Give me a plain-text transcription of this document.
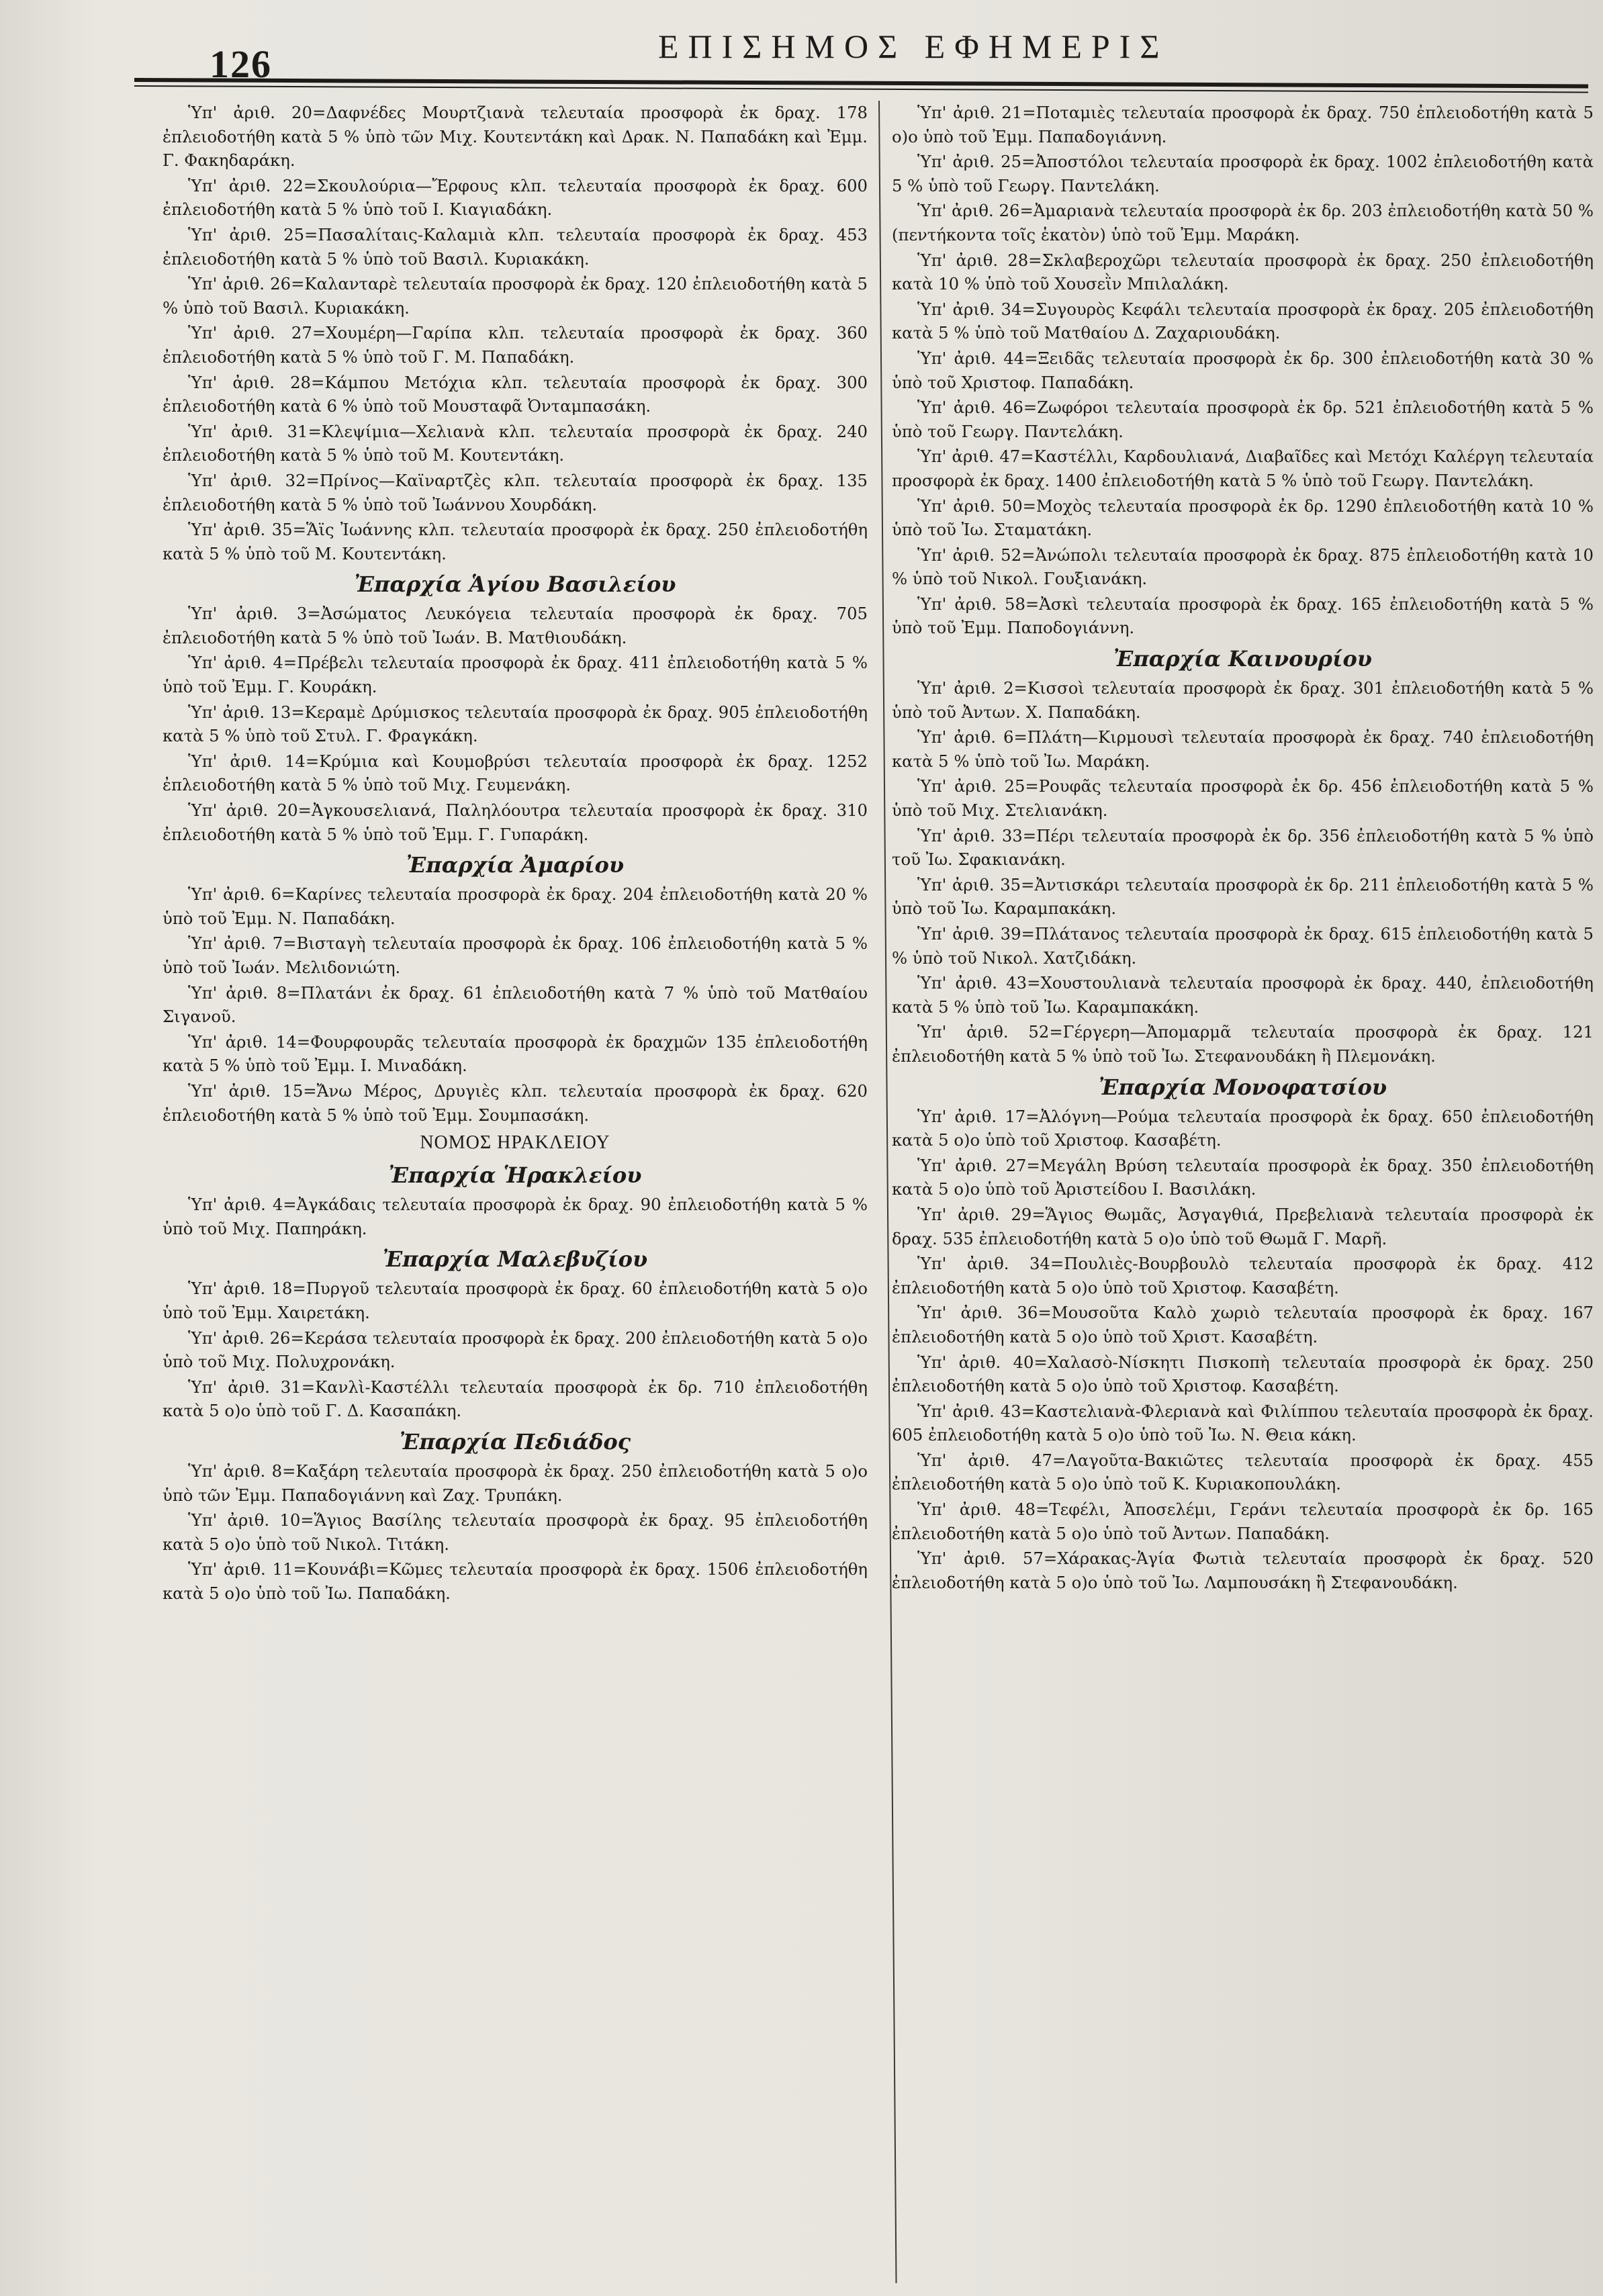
126	ΕΠΙΣΗΜΟΣ ΕΦΗΜΕΡΙΣ

Ὑπ' ἀριθ. 20=Δαφνέδες Μουρτζιανὰ τελευταία προσφορὰ ἐκ δραχ. 178 ἐπλειοδοτήθη κατὰ 5 % ὑπὸ τῶν Μιχ. Κουτεντάκη καὶ Δρακ. Ν. Παπαδάκη καὶ Ἐμμ. Γ. Φακηδαράκη.

Ὑπ' ἀριθ. 22=Σκουλούρια—Ἔρφους κλπ. τελευταία προσφορὰ ἐκ δραχ. 600 ἐπλειοδοτήθη κατὰ 5 % ὑπὸ τοῦ Ι. Κιαγιαδάκη.

Ὑπ' ἀριθ. 25=Πασαλίταις-Καλαμιὰ κλπ. τελευταία προσφορὰ ἐκ δραχ. 453 ἐπλειοδοτήθη κατὰ 5 % ὑπὸ τοῦ Βασιλ. Κυριακάκη.

Ὑπ' ἀριθ. 26=Καλανταρὲ τελευταία προσφορὰ ἐκ δραχ. 120 ἐπλειοδοτήθη κατὰ 5 % ὑπὸ τοῦ Βασιλ. Κυριακάκη.

Ὑπ' ἀριθ. 27=Χουμέρη—Γαρίπα κλπ. τελευταία προσφορὰ ἐκ δραχ. 360 ἐπλειοδοτήθη κατὰ 5 % ὑπὸ τοῦ Γ. Μ. Παπαδάκη.

Ὑπ' ἀριθ. 28=Κάμπου Μετόχια κλπ. τελευταία προσφορὰ ἐκ δραχ. 300 ἐπλειοδοτήθη κατὰ 6 % ὑπὸ τοῦ Μουσταφᾶ Ὀνταμπασάκη.

Ὑπ' ἀριθ. 31=Κλεψίμια—Χελιανὰ κλπ. τελευταία προσφορὰ ἐκ δραχ. 240 ἐπλειοδοτήθη κατὰ 5 % ὑπὸ τοῦ Μ. Κουτεντάκη.

Ὑπ' ἀριθ. 32=Πρίνος—Καϊναρτζὲς κλπ. τελευταία προσφορὰ ἐκ δραχ. 135 ἐπλειοδοτήθη κατὰ 5 % ὑπὸ τοῦ Ἰωάννου Χουρδάκη.

Ὑπ' ἀριθ. 35=Ἅϊς Ἰωάννης κλπ. τελευταία προσφορὰ ἐκ δραχ. 250 ἐπλειοδοτήθη κατὰ 5 % ὑπὸ τοῦ Μ. Κουτεντάκη.

Ἐπαρχία Ἁγίου Βασιλείου

Ὑπ' ἀριθ. 3=Ἀσώματος Λευκόγεια τελευταία προσφορὰ ἐκ δραχ. 705 ἐπλειοδοτήθη κατὰ 5 % ὑπὸ τοῦ Ἰωάν. Β. Ματθιουδάκη.

Ὑπ' ἀριθ. 4=Πρέβελι τελευταία προσφορὰ ἐκ δραχ. 411 ἐπλειοδοτήθη κατὰ 5 % ὑπὸ τοῦ Ἐμμ. Γ. Κουράκη.

Ὑπ' ἀριθ. 13=Κεραμὲ Δρύμισκος τελευταία προσφορὰ ἐκ δραχ. 905 ἐπλειοδοτήθη κατὰ 5 % ὑπὸ τοῦ Στυλ. Γ. Φραγκάκη.

Ὑπ' ἀριθ. 14=Κρύμια καὶ Κουμοβρύσι τελευταία προσφορὰ ἐκ δραχ. 1252 ἐπλειοδοτήθη κατὰ 5 % ὑπὸ τοῦ Μιχ. Γευμενάκη.

Ὑπ' ἀριθ. 20=Ἀγκουσελιανά, Παληλόουτρα τελευταία προσφορὰ ἐκ δραχ. 310 ἐπλειοδοτήθη κατὰ 5 % ὑπὸ τοῦ Ἐμμ. Γ. Γυπαράκη.

Ἐπαρχία Ἀμαρίου

Ὑπ' ἀριθ. 6=Καρίνες τελευταία προσφορὰ ἐκ δραχ. 204 ἐπλειοδοτήθη κατὰ 20 % ὑπὸ τοῦ Ἐμμ. Ν. Παπαδάκη.

Ὑπ' ἀριθ. 7=Βισταγὴ τελευταία προσφορὰ ἐκ δραχ. 106 ἐπλειοδοτήθη κατὰ 5 % ὑπὸ τοῦ Ἰωάν. Μελιδονιώτη.

Ὑπ' ἀριθ. 8=Πλατάνι ἐκ δραχ. 61 ἐπλειοδοτήθη κατὰ 7 % ὑπὸ τοῦ Ματθαίου Σιγανοῦ.

Ὑπ' ἀριθ. 14=Φουρφουρᾶς τελευταία προσφορὰ ἐκ δραχμῶν 135 ἐπλειοδοτήθη κατὰ 5 % ὑπὸ τοῦ Ἐμμ. Ι. Μιναδάκη.

Ὑπ' ἀριθ. 15=Ἄνω Μέρος, Δρυγιὲς κλπ. τελευταία προσφορὰ ἐκ δραχ. 620 ἐπλειοδοτήθη κατὰ 5 % ὑπὸ τοῦ Ἐμμ. Σουμπασάκη.

ΝΟΜΟΣ ΗΡΑΚΛΕΙΟΥ
Ἐπαρχία Ἡρακλείου

Ὑπ' ἀριθ. 4=Ἀγκάδαις τελευταία προσφορὰ ἐκ δραχ. 90 ἐπλειοδοτήθη κατὰ 5 % ὑπὸ τοῦ Μιχ. Παπηράκη.

Ἐπαρχία Μαλεβυζίου

Ὑπ' ἀριθ. 18=Πυργοῦ τελευταία προσφορὰ ἐκ δραχ. 60 ἐπλειοδοτήθη κατὰ 5 ο)ο ὑπὸ τοῦ Ἐμμ. Χαιρετάκη.

Ὑπ' ἀριθ. 26=Κεράσα τελευταία προσφορὰ ἐκ δραχ. 200 ἐπλειοδοτήθη κατὰ 5 ο)ο ὑπὸ τοῦ Μιχ. Πολυχρονάκη.

Ὑπ' ἀριθ. 31=Κανλὶ-Καστέλλι τελευταία προσφορὰ ἐκ δρ. 710 ἐπλειοδοτήθη κατὰ 5 ο)ο ὑπὸ τοῦ Γ. Δ. Κασαπάκη.

Ἐπαρχία Πεδιάδος

Ὑπ' ἀριθ. 8=Καξάρη τελευταία προσφορὰ ἐκ δραχ. 250 ἐπλειοδοτήθη κατὰ 5 ο)ο ὑπὸ τῶν Ἐμμ. Παπαδογιάννη καὶ Ζαχ. Τρυπάκη.

Ὑπ' ἀριθ. 10=Ἅγιος Βασίλης τελευταία προσφορὰ ἐκ δραχ. 95 ἐπλειοδοτήθη κατὰ 5 ο)ο ὑπὸ τοῦ Νικολ. Τιτάκη.

Ὑπ' ἀριθ. 11=Κουνάβι=Κῶμες τελευταία προσφορὰ ἐκ δραχ. 1506 ἐπλειοδοτήθη κατὰ 5 ο)ο ὑπὸ τοῦ Ἰω. Παπαδάκη.

Ὑπ' ἀριθ. 21=Ποταμιὲς τελευταία προσφορὰ ἐκ δραχ. 750 ἐπλειοδοτήθη κατὰ 5 ο)ο ὑπὸ τοῦ Ἐμμ. Παπαδογιάννη.

Ὑπ' ἀριθ. 25=Ἀποστόλοι τελευταία προσφορὰ ἐκ δραχ. 1002 ἐπλειοδοτήθη κατὰ 5 % ὑπὸ τοῦ Γεωργ. Παντελάκη.

Ὑπ' ἀριθ. 26=Ἀμαριανὰ τελευταία προσφορὰ ἐκ δρ. 203 ἐπλειοδοτήθη κατὰ 50 % (πεντήκοντα τοῖς ἑκατὸν) ὑπὸ τοῦ Ἐμμ. Μαράκη.

Ὑπ' ἀριθ. 28=Σκλαβεροχῶρι τελευταία προσφορὰ ἐκ δραχ. 250 ἐπλειοδοτήθη κατὰ 10 % ὑπὸ τοῦ Χουσεῒν Μπιλαλάκη.

Ὑπ' ἀριθ. 34=Συγουρὸς Κεφάλι τελευταία προσφορὰ ἐκ δραχ. 205 ἐπλειοδοτήθη κατὰ 5 % ὑπὸ τοῦ Ματθαίου Δ. Ζαχαριουδάκη.

Ὑπ' ἀριθ. 44=Ξειδᾶς τελευταία προσφορὰ ἐκ δρ. 300 ἐπλειοδοτήθη κατὰ 30 % ὑπὸ τοῦ Χριστοφ. Παπαδάκη.

Ὑπ' ἀριθ. 46=Ζωφόροι τελευταία προσφορὰ ἐκ δρ. 521 ἐπλειοδοτήθη κατὰ 5 % ὑπὸ τοῦ Γεωργ. Παντελάκη.

Ὑπ' ἀριθ. 47=Καστέλλι, Καρδουλιανά, Διαβαῖδες καὶ Μετόχι Καλέργη τελευταία προσφορὰ ἐκ δραχ. 1400 ἐπλειοδοτήθη κατὰ 5 % ὑπὸ τοῦ Γεωργ. Παντελάκη.

Ὑπ' ἀριθ. 50=Μοχὸς τελευταία προσφορὰ ἐκ δρ. 1290 ἐπλειοδοτήθη κατὰ 10 % ὑπὸ τοῦ Ἰω. Σταματάκη.

Ὑπ' ἀριθ. 52=Ἀνώπολι τελευταία προσφορὰ ἐκ δραχ. 875 ἐπλειοδοτήθη κατὰ 10 % ὑπὸ τοῦ Νικολ. Γουξιανάκη.

Ὑπ' ἀριθ. 58=Ἀσκὶ τελευταία προσφορὰ ἐκ δραχ. 165 ἐπλειοδοτήθη κατὰ 5 % ὑπὸ τοῦ Ἐμμ. Παποδογιάννη.

Ἐπαρχία Καινουρίου

Ὑπ' ἀριθ. 2=Κισσοὶ τελευταία προσφορὰ ἐκ δραχ. 301 ἐπλειοδοτήθη κατὰ 5 % ὑπὸ τοῦ Ἀντων. Χ. Παπαδάκη.

Ὑπ' ἀριθ. 6=Πλάτη—Κιρμουσὶ τελευταία προσφορὰ ἐκ δραχ. 740 ἐπλειοδοτήθη κατὰ 5 % ὑπὸ τοῦ Ἰω. Μαράκη.

Ὑπ' ἀριθ. 25=Ρουφᾶς τελευταία προσφορὰ ἐκ δρ. 456 ἐπλειοδοτήθη κατὰ 5 % ὑπὸ τοῦ Μιχ. Στελιανάκη.

Ὑπ' ἀριθ. 33=Πέρι τελευταία προσφορὰ ἐκ δρ. 356 ἐπλειοδοτήθη κατὰ 5 % ὑπὸ τοῦ Ἰω. Σφακιανάκη.

Ὑπ' ἀριθ. 35=Ἀντισκάρι τελευταία προσφορὰ ἐκ δρ. 211 ἐπλειοδοτήθη κατὰ 5 % ὑπὸ τοῦ Ἰω. Καραμπακάκη.

Ὑπ' ἀριθ. 39=Πλάτανος τελευταία προσφορὰ ἐκ δραχ. 615 ἐπλειοδοτήθη κατὰ 5 % ὑπὸ τοῦ Νικολ. Χατζιδάκη.

Ὑπ' ἀριθ. 43=Χουστουλιανὰ τελευταία προσφορὰ ἐκ δραχ. 440, ἐπλειοδοτήθη κατὰ 5 % ὑπὸ τοῦ Ἰω. Καραμπακάκη.

Ὑπ' ἀριθ. 52=Γέργερη—Ἀπομαρμᾶ τελευταία προσφορὰ ἐκ δραχ. 121 ἐπλειοδοτήθη κατὰ 5 % ὑπὸ τοῦ Ἰω. Στεφανουδάκη ἢ Πλεμονάκη.

Ἐπαρχία Μονοφατσίου

Ὑπ' ἀριθ. 17=Ἀλόγνη—Ρούμα τελευταία προσφορὰ ἐκ δραχ. 650 ἐπλειοδοτήθη κατὰ 5 ο)ο ὑπὸ τοῦ Χριστοφ. Κασαβέτη.

Ὑπ' ἀριθ. 27=Μεγάλη Βρύση τελευταία προσφορὰ ἐκ δραχ. 350 ἐπλειοδοτήθη κατὰ 5 ο)ο ὑπὸ τοῦ Ἀριστείδου Ι. Βασιλάκη.

Ὑπ' ἀριθ. 29=Ἅγιος Θωμᾶς, Ἀσγαγθιά, Πρεβελιανὰ τελευταία προσφορὰ ἐκ δραχ. 535 ἐπλειοδοτήθη κατὰ 5 ο)ο ὑπὸ τοῦ Θωμᾶ Γ. Μαρῆ.

Ὑπ' ἀριθ. 34=Πουλιὲς-Βουρβουλὸ τελευταία προσφορὰ ἐκ δραχ. 412 ἐπλειοδοτήθη κατὰ 5 ο)ο ὑπὸ τοῦ Χριστοφ. Κασαβέτη.

Ὑπ' ἀριθ. 36=Μουσοῦτα Καλὸ χωριὸ τελευταία προσφορὰ ἐκ δραχ. 167 ἐπλειοδοτήθη κατὰ 5 ο)ο ὑπὸ τοῦ Χριστ. Κασαβέτη.

Ὑπ' ἀριθ. 40=Χαλασὸ-Νίσκητι Πισκοπὴ τελευταία προσφορὰ ἐκ δραχ. 250 ἐπλειοδοτήθη κατὰ 5 ο)ο ὑπὸ τοῦ Χριστοφ. Κασαβέτη.

Ὑπ' ἀριθ. 43=Καστελιανὰ-Φλεριανὰ καὶ Φιλίππου τελευταία προσφορὰ ἐκ δραχ. 605 ἐπλειοδοτήθη κατὰ 5 ο)ο ὑπὸ τοῦ Ἰω. Ν. Θεια κάκη.

Ὑπ' ἀριθ. 47=Λαγοῦτα-Βακιῶτες τελευταία προσφορὰ ἐκ δραχ. 455 ἐπλειοδοτήθη κατὰ 5 ο)ο ὑπὸ τοῦ Κ. Κυριακοπουλάκη.

Ὑπ' ἀριθ. 48=Τεφέλι, Ἀποσελέμι, Γεράνι τελευταία προσφορὰ ἐκ δρ. 165 ἐπλειοδοτήθη κατὰ 5 ο)ο ὑπὸ τοῦ Ἀντων. Παπαδάκη.

Ὑπ' ἀριθ. 57=Χάρακας-Ἁγία Φωτιὰ τελευταία προσφορὰ ἐκ δραχ. 520 ἐπλειοδοτήθη κατὰ 5 ο)ο ὑπὸ τοῦ Ἰω. Λαμπουσάκη ἢ Στεφανουδάκη.
